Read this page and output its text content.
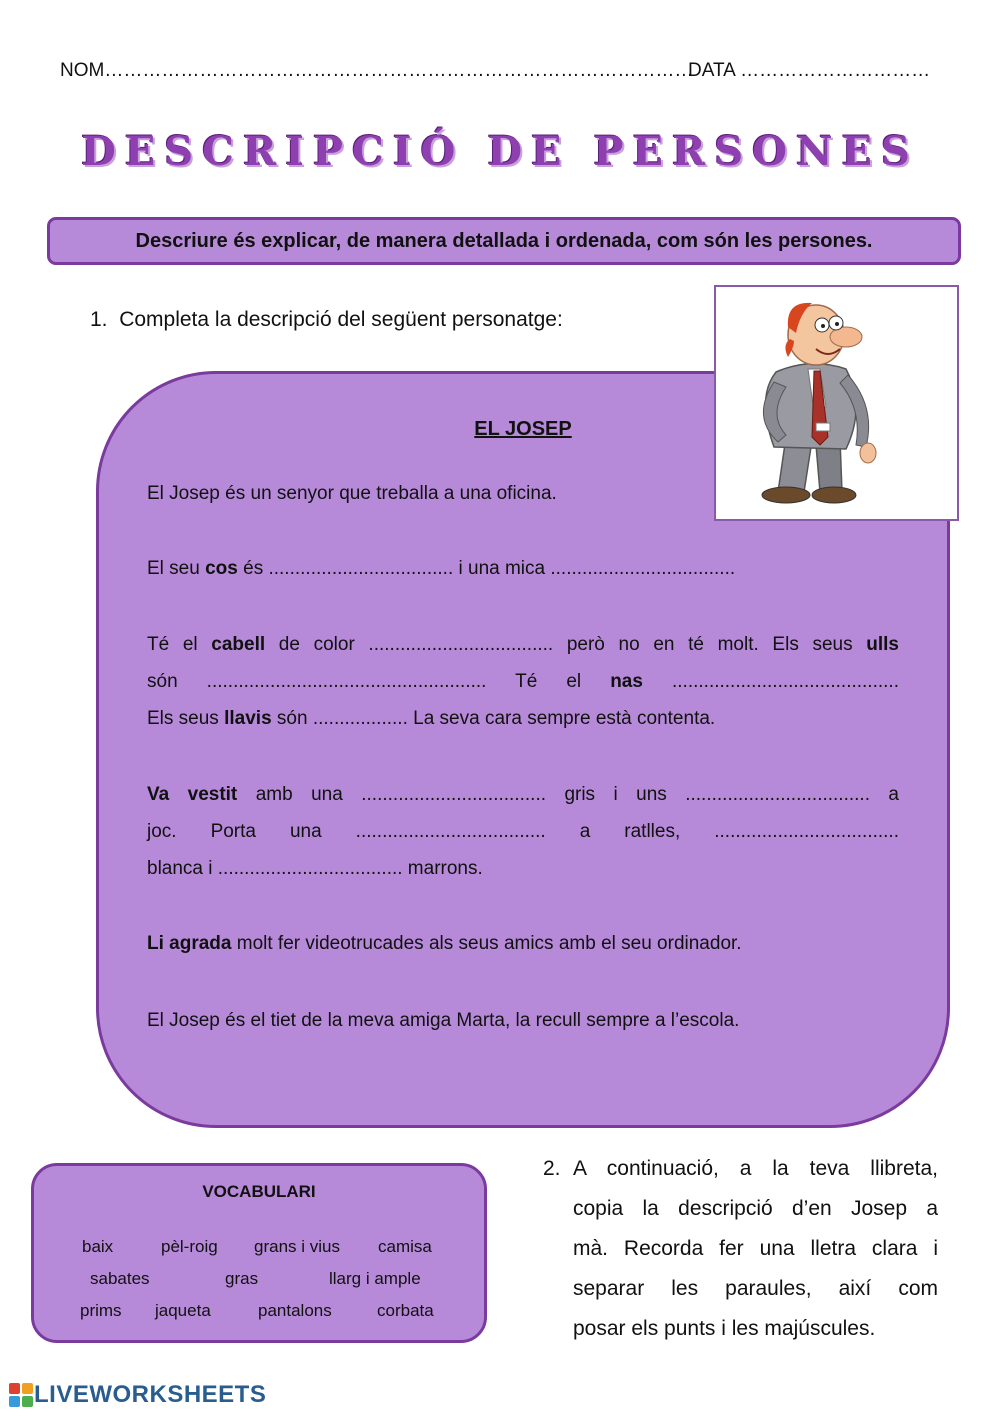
NOM…………………………………………………………………………………
DATA …………………………
DESCRIPCIÓ DE PERSONES
Descriure és explicar, de manera detallada i ordenada, com són les persones.
1. Completa la descripció del següent personatge:
EL JOSEP
El Josep és un senyor que treballa a una oficina.
El seu cos és ................................... i una mica ...................................
Té el cabell de color ................................... però no en té molt. Els seus ulls
són ..................................................... Té el nas ...........................................
Els seus llavis són .................. La seva cara sempre està contenta.
Va vestit amb una ................................... gris i uns ................................... a
joc. Porta una .................................... a ratlles, ...................................
blanca i ................................... marrons.
Li agrada molt fer videotrucades als seus amics amb el seu ordinador.
El Josep és el tiet de la meva amiga Marta, la recull sempre a l’escola.
VOCABULARI
baix	pèl-roig grans i vius camisa
sabates	gras	llarg i ample
prims jaqueta	pantalons	corbata
2. A continuació, a la teva llibreta,
copia la descripció d’en Josep a
mà. Recorda fer una lletra clara i
separar les paraules, així com
posar els punts i les majúscules.
LIVEWORKSHEETS
